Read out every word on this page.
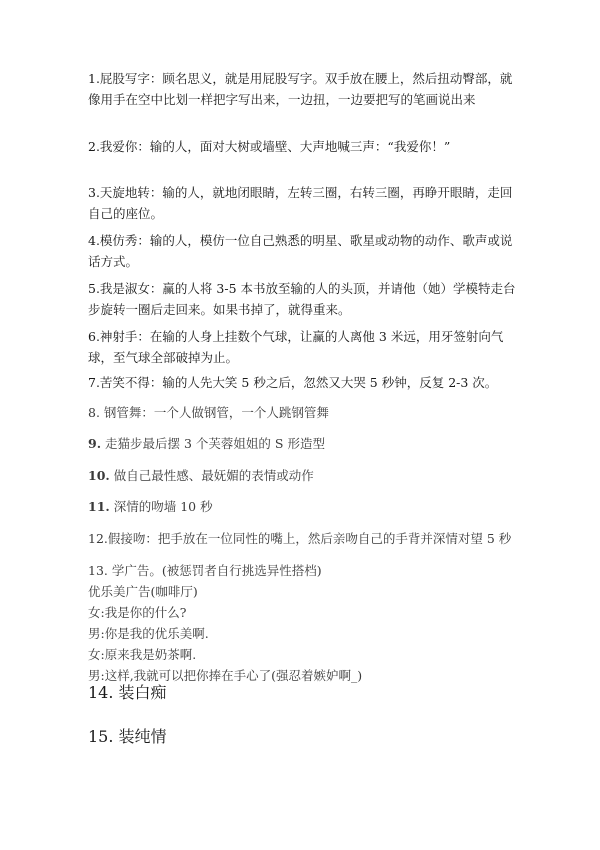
1.屁股写字：顾名思义，就是用屁股写字。双手放在腰上，然后扭动臀部，就像用手在空中比划一样把字写出来，一边扭，一边要把写的笔画说出来

2.我爱你：输的人，面对大树或墙壁、大声地喊三声：“我爱你！”

3.天旋地转：输的人，就地闭眼睛，左转三圈，右转三圈，再睁开眼睛，走回自己的座位。

4.模仿秀：输的人，模仿一位自己熟悉的明星、歌星或动物的动作、歌声或说话方式。

5.我是淑女：赢的人将 3-5 本书放至输的人的头顶，并请他（她）学模特走台步旋转一圈后走回来。如果书掉了，就得重来。

6.神射手：在输的人身上挂数个气球，让赢的人离他 3 米远，用牙签射向气球，至气球全部破掉为止。

7.苦笑不得：输的人先大笑 5 秒之后，忽然又大哭 5 秒钟，反复 2-3 次。

8. 钢管舞：一个人做钢管，一个人跳钢管舞

9. 走猫步最后摆 3 个芙蓉姐姐的 S 形造型

10. 做自己最性感、最妩媚的表情或动作

11. 深情的吻墙 10 秒

12.假接吻：把手放在一位同性的嘴上，然后亲吻自己的手背并深情对望 5 秒

13. 学广告。(被惩罚者自行挑选异性搭档)
优乐美广告(咖啡厅)
女:我是你的什么?
男:你是我的优乐美啊.
女:原来我是奶茶啊.
男:这样,我就可以把你捧在手心了(强忍着嫉妒啊_)

14. 装白痴

15. 装纯情
